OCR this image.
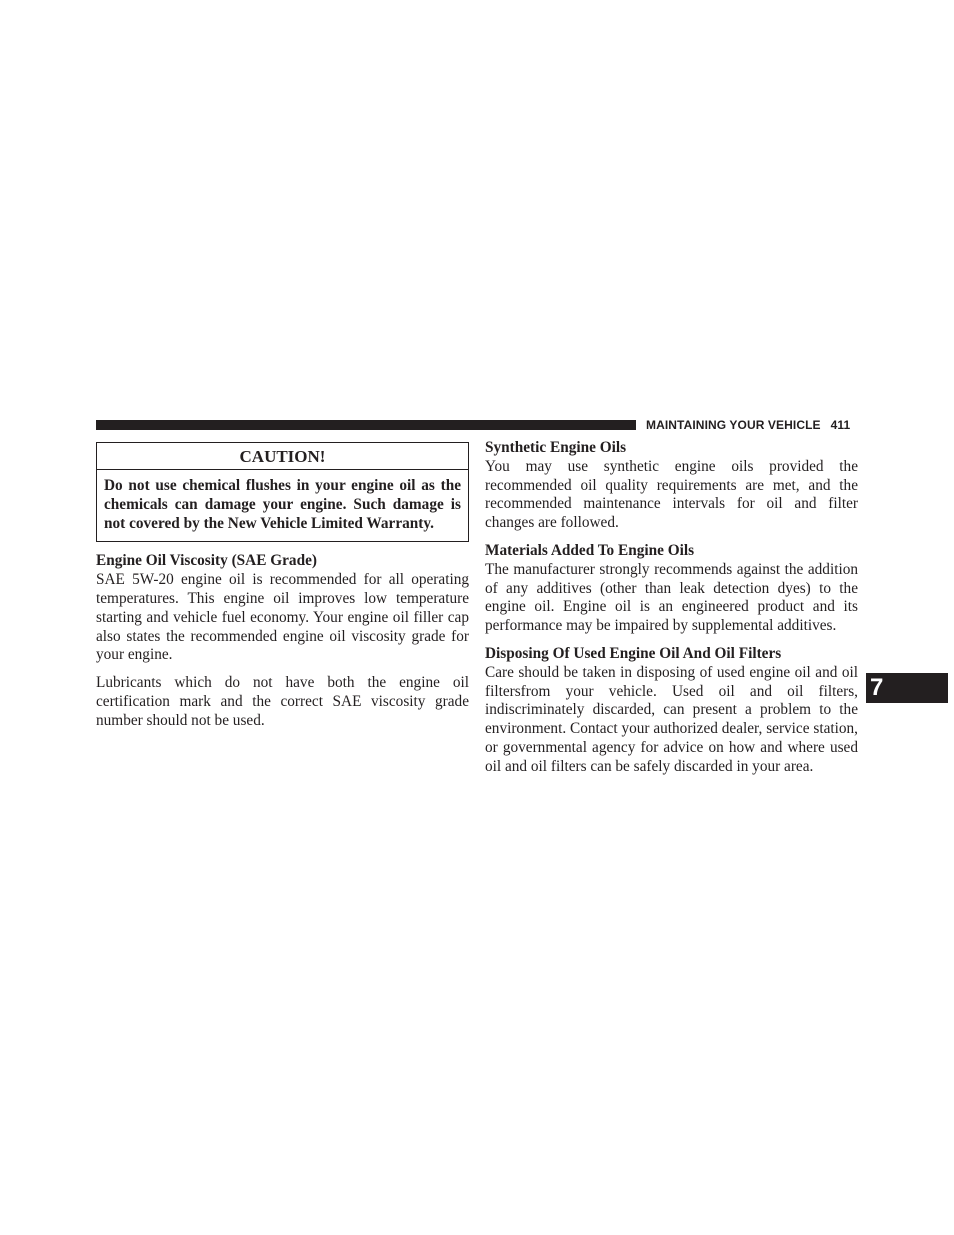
MAINTAINING YOUR VEHICLE 411
CAUTION!
Do not use chemical flushes in your engine oil as the chemicals can damage your engine. Such damage is not covered by the New Vehicle Limited Warranty.
Engine Oil Viscosity (SAE Grade)

SAE 5W-20 engine oil is recommended for all operating temperatures. This engine oil improves low temperature starting and vehicle fuel economy. Your engine oil filler cap also states the recommended engine oil viscosity grade for your engine.

Lubricants which do not have both the engine oil certification mark and the correct SAE viscosity grade number should not be used.

Synthetic Engine Oils

You may use synthetic engine oils provided the recommended oil quality requirements are met, and the recommended maintenance intervals for oil and filter changes are followed.

Materials Added To Engine Oils

The manufacturer strongly recommends against the addition of any additives (other than leak detection dyes) to the engine oil. Engine oil is an engineered product and its performance may be impaired by supplemental additives.

Disposing Of Used Engine Oil And Oil Filters

Care should be taken in disposing of used engine oil and oil filtersfrom your vehicle. Used oil and oil filters, indiscriminately discarded, can present a problem to the environment. Contact your authorized dealer, service station, or governmental agency for advice on how and where used oil and oil filters can be safely discarded in your area.

7
